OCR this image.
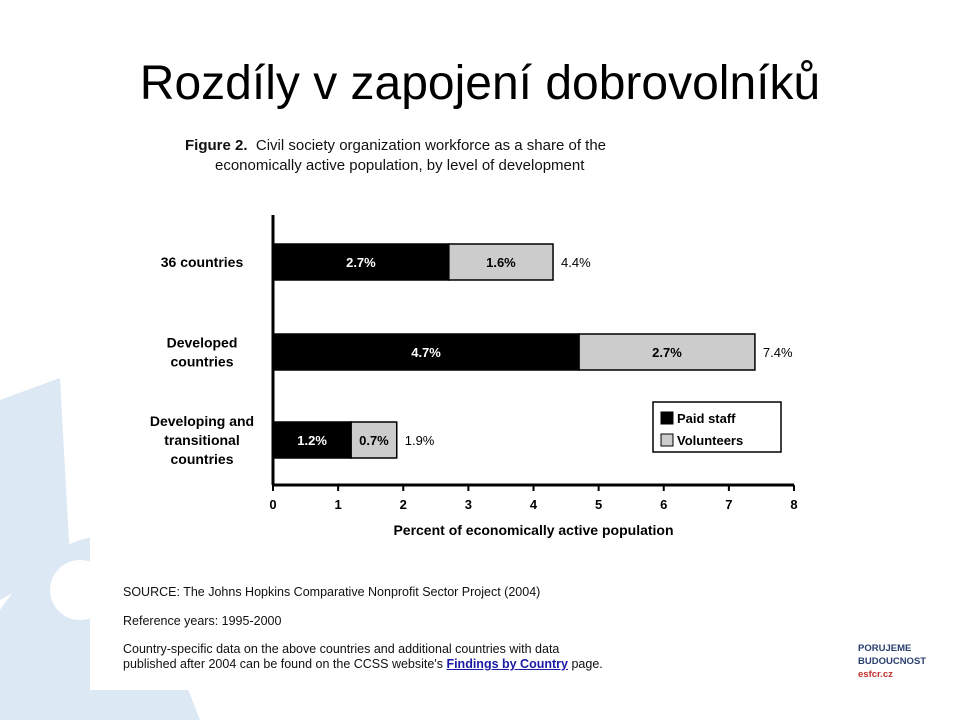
Rozdíly v zapojení dobrovolníků
Figure 2. Civil society organization workforce as a share of the
economically active population, by level of development
0	1	2	3	4	5	6	7	8
Percent of economically active population
2.7%	1.6%	4.4%
36 countries
4.7%	2.7%	7.4%
Developed
countries
1.2% 0.7% 1.9%
Developing and
transitional
countries
Paid staff
Volunteers
SOURCE: The Johns Hopkins Comparative Nonprofit Sector Project (2004)
Reference years: 1995-2000
Country-specific data on the above countries and additional countries with data
published after 2004 can be found on the CCSS website's Findings by Country page.
PORUJEME
BUDOUCNOST
esfcr.cz
